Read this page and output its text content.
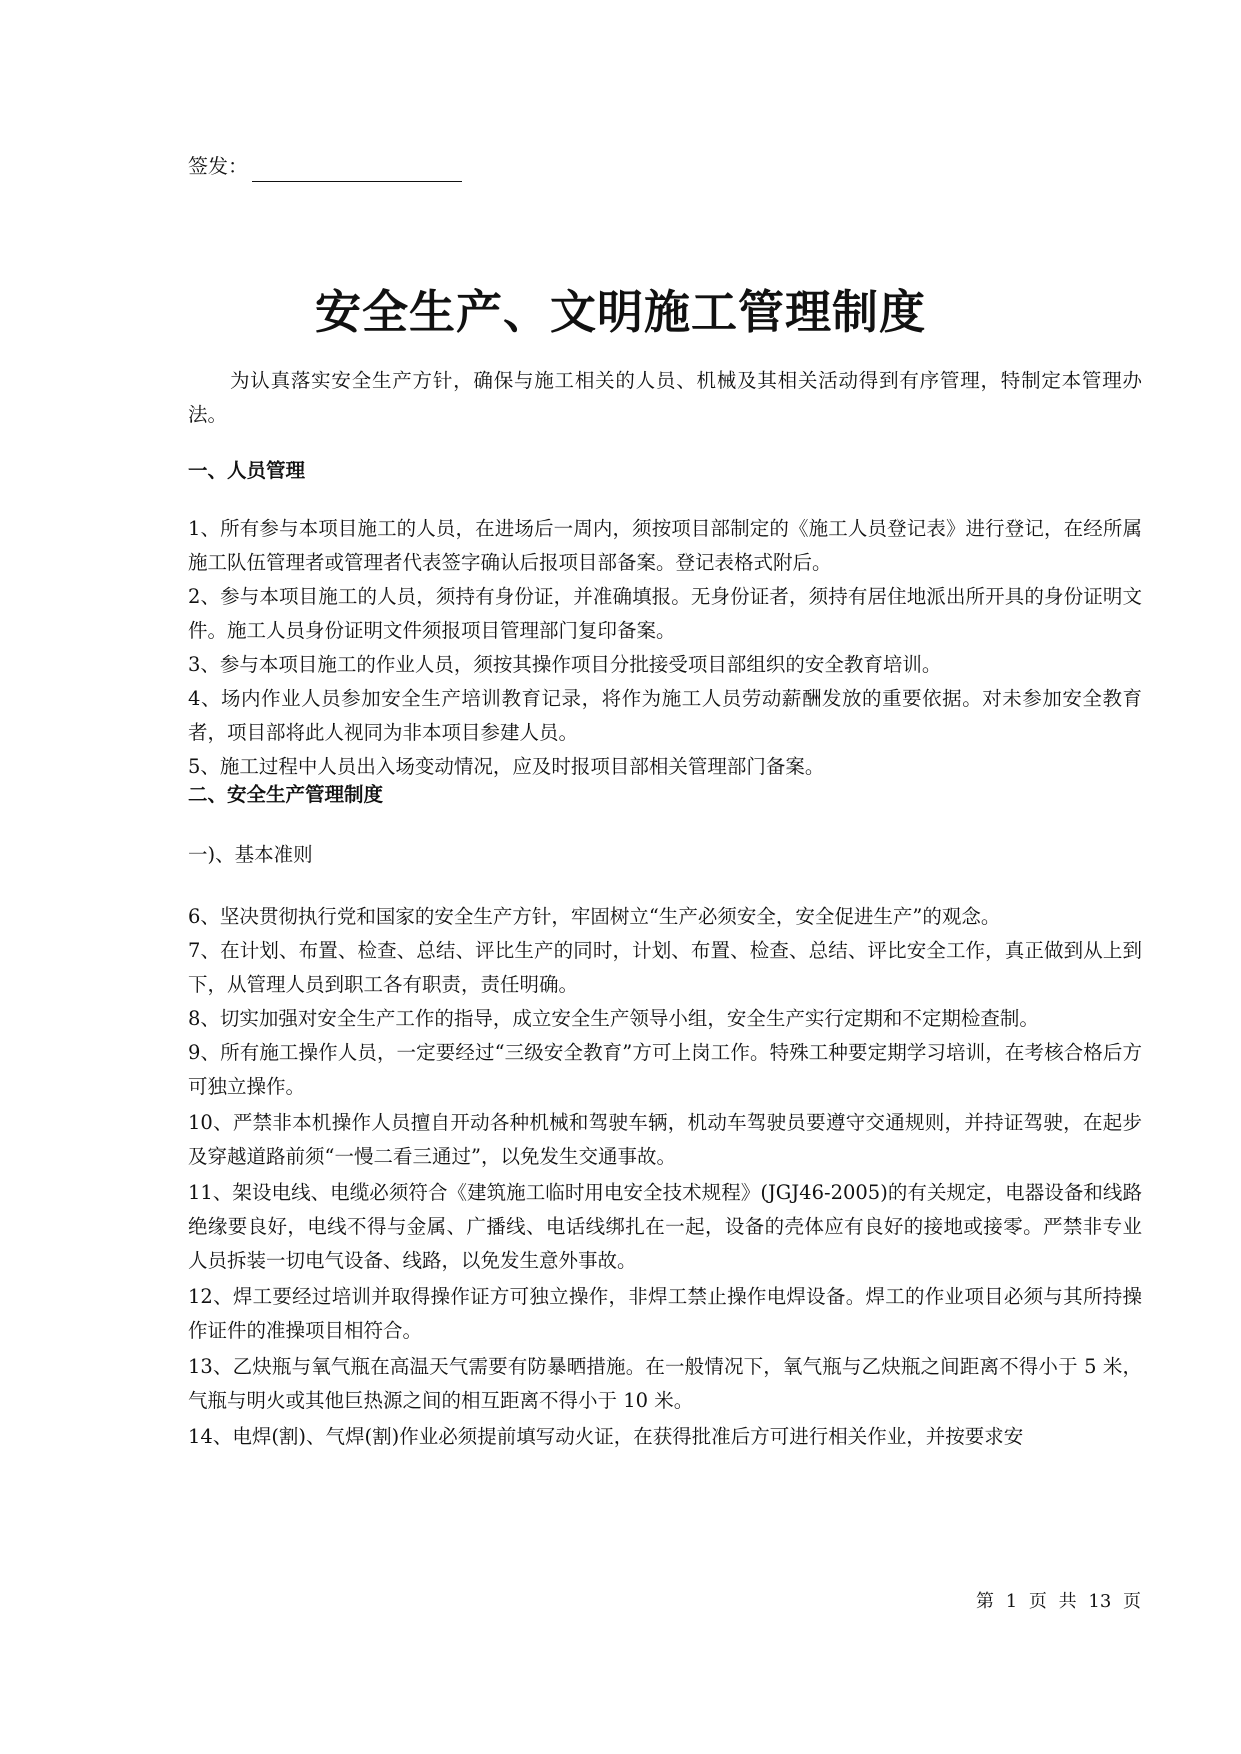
签发：
安全生产、文明施工管理制度

为认真落实安全生产方针，确保与施工相关的人员、机械及其相关活动得到有序管理，特制定本管理办法。

一、人员管理

1、所有参与本项目施工的人员，在进场后一周内，须按项目部制定的《施工人员登记表》进行登记，在经所属施工队伍管理者或管理者代表签字确认后报项目部备案。登记表格式附后。

2、参与本项目施工的人员，须持有身份证，并准确填报。无身份证者，须持有居住地派出所开具的身份证明文件。施工人员身份证明文件须报项目管理部门复印备案。

3、参与本项目施工的作业人员，须按其操作项目分批接受项目部组织的安全教育培训。

4、场内作业人员参加安全生产培训教育记录，将作为施工人员劳动薪酬发放的重要依据。对未参加安全教育者，项目部将此人视同为非本项目参建人员。

5、施工过程中人员出入场变动情况，应及时报项目部相关管理部门备案。

二、安全生产管理制度
一)、基本准则

6、坚决贯彻执行党和国家的安全生产方针，牢固树立“生产必须安全，安全促进生产”的观念。

7、在计划、布置、检查、总结、评比生产的同时，计划、布置、检查、总结、评比安全工作，真正做到从上到下，从管理人员到职工各有职责，责任明确。

8、切实加强对安全生产工作的指导，成立安全生产领导小组，安全生产实行定期和不定期检查制。

9、所有施工操作人员，一定要经过“三级安全教育”方可上岗工作。特殊工种要定期学习培训，在考核合格后方可独立操作。

10、严禁非本机操作人员擅自开动各种机械和驾驶车辆，机动车驾驶员要遵守交通规则，并持证驾驶，在起步及穿越道路前须“一慢二看三通过”，以免发生交通事故。

11、架设电线、电缆必须符合《建筑施工临时用电安全技术规程》(JGJ46-2005)的有关规定，电器设备和线路绝缘要良好，电线不得与金属、广播线、电话线绑扎在一起，设备的壳体应有良好的接地或接零。严禁非专业人员拆装一切电气设备、线路，以免发生意外事故。

12、焊工要经过培训并取得操作证方可独立操作，非焊工禁止操作电焊设备。焊工的作业项目必须与其所持操作证件的准操项目相符合。

13、乙炔瓶与氧气瓶在高温天气需要有防暴晒措施。在一般情况下，氧气瓶与乙炔瓶之间距离不得小于 5 米，气瓶与明火或其他巨热源之间的相互距离不得小于 10 米。

14、电焊(割)、气焊(割)作业必须提前填写动火证，在获得批准后方可进行相关作业，并按要求安

第 1 页 共 13 页
